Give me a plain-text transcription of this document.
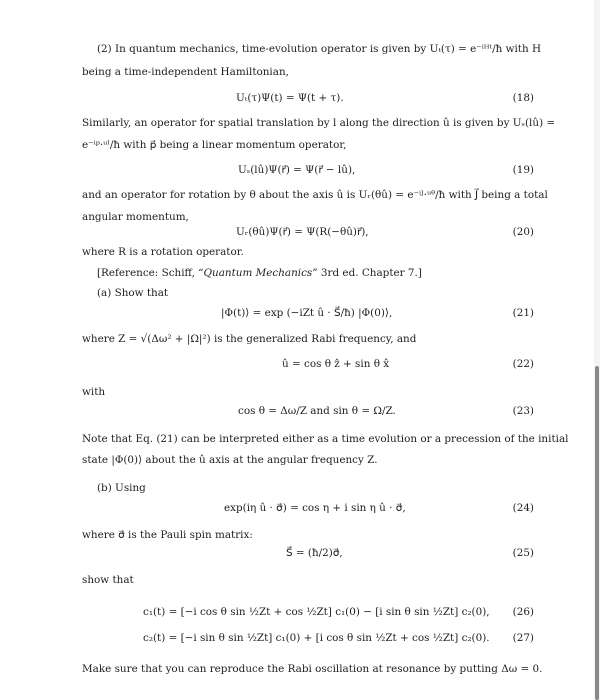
(2) In quantum mechanics, time-evolution operator is given by Uₜ(τ) = e⁻ⁱᴴᵗ/ħ with H
being a time-independent Hamiltonian,
Uₜ(τ)Ψ(t) = Ψ(t + τ).	(18)
Similarly, an operator for spatial translation by l along the direction û is given by Uₛ(lû) =
e⁻ⁱᵖ·ᵘˡ/ħ with p⃗ being a linear momentum operator,
Uₛ(lû)Ψ(r⃗) = Ψ(r⃗ − lû),	(19)
and an operator for rotation by θ about the axis û is Uᵣ(θû) = e⁻ⁱᴶ·ᵘᶿ/ħ with J⃗ being a total
angular momentum,
Uᵣ(θû)Ψ(r⃗) = Ψ(R(−θû)r⃗),	(20)
where R is a rotation operator.
[Reference: Schiff, “Quantum Mechanics” 3rd ed. Chapter 7.]
(a) Show that
|Φ(t)⟩ = exp (−iZt û · S⃗/ħ) |Φ(0)⟩,	(21)
where Z = √(Δω² + |Ω|²) is the generalized Rabi frequency, and
û = cos θ ẑ + sin θ x̂	(22)
with
cos θ = Δω/Z and sin θ = Ω/Z.	(23)
Note that Eq. (21) can be interpreted either as a time evolution or a precession of the initial
state |Φ(0)⟩ about the û axis at the angular frequency Z.
(b) Using
exp(iη û · σ⃗) = cos η + i sin η û · σ⃗,	(24)
where σ⃗ is the Pauli spin matrix:
S⃗ = (ħ/2)σ⃗,	(25)
show that
c₁(t) = [−i cos θ sin ½Zt + cos ½Zt] c₁(0) − [i sin θ sin ½Zt] c₂(0), (26)
c₂(t) = [−i sin θ sin ½Zt] c₁(0) + [i cos θ sin ½Zt + cos ½Zt] c₂(0). (27)
Make sure that you can reproduce the Rabi oscillation at resonance by putting Δω = 0.
